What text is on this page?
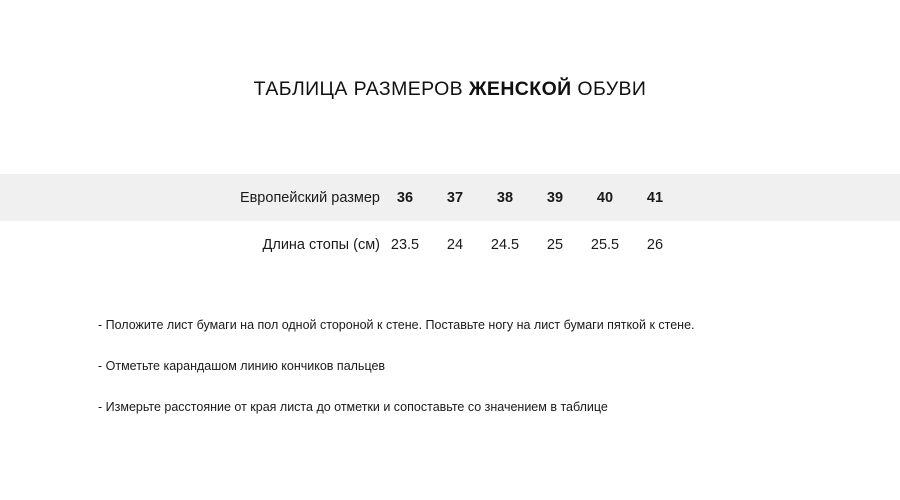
ТАБЛИЦА РАЗМЕРОВ ЖЕНСКОЙ ОБУВИ
Европейский размер	36	37	38	39	40	41	
Длина стопы (см)	23.5	24	24.5	25	25.5	26	
- Положите лист бумаги на пол одной стороной к стене. Поставьте ногу на лист бумаги пяткой к стене.
- Отметьте карандашом линию кончиков пальцев
- Измерьте расстояние от края листа до отметки и сопоставьте со значением в таблице
